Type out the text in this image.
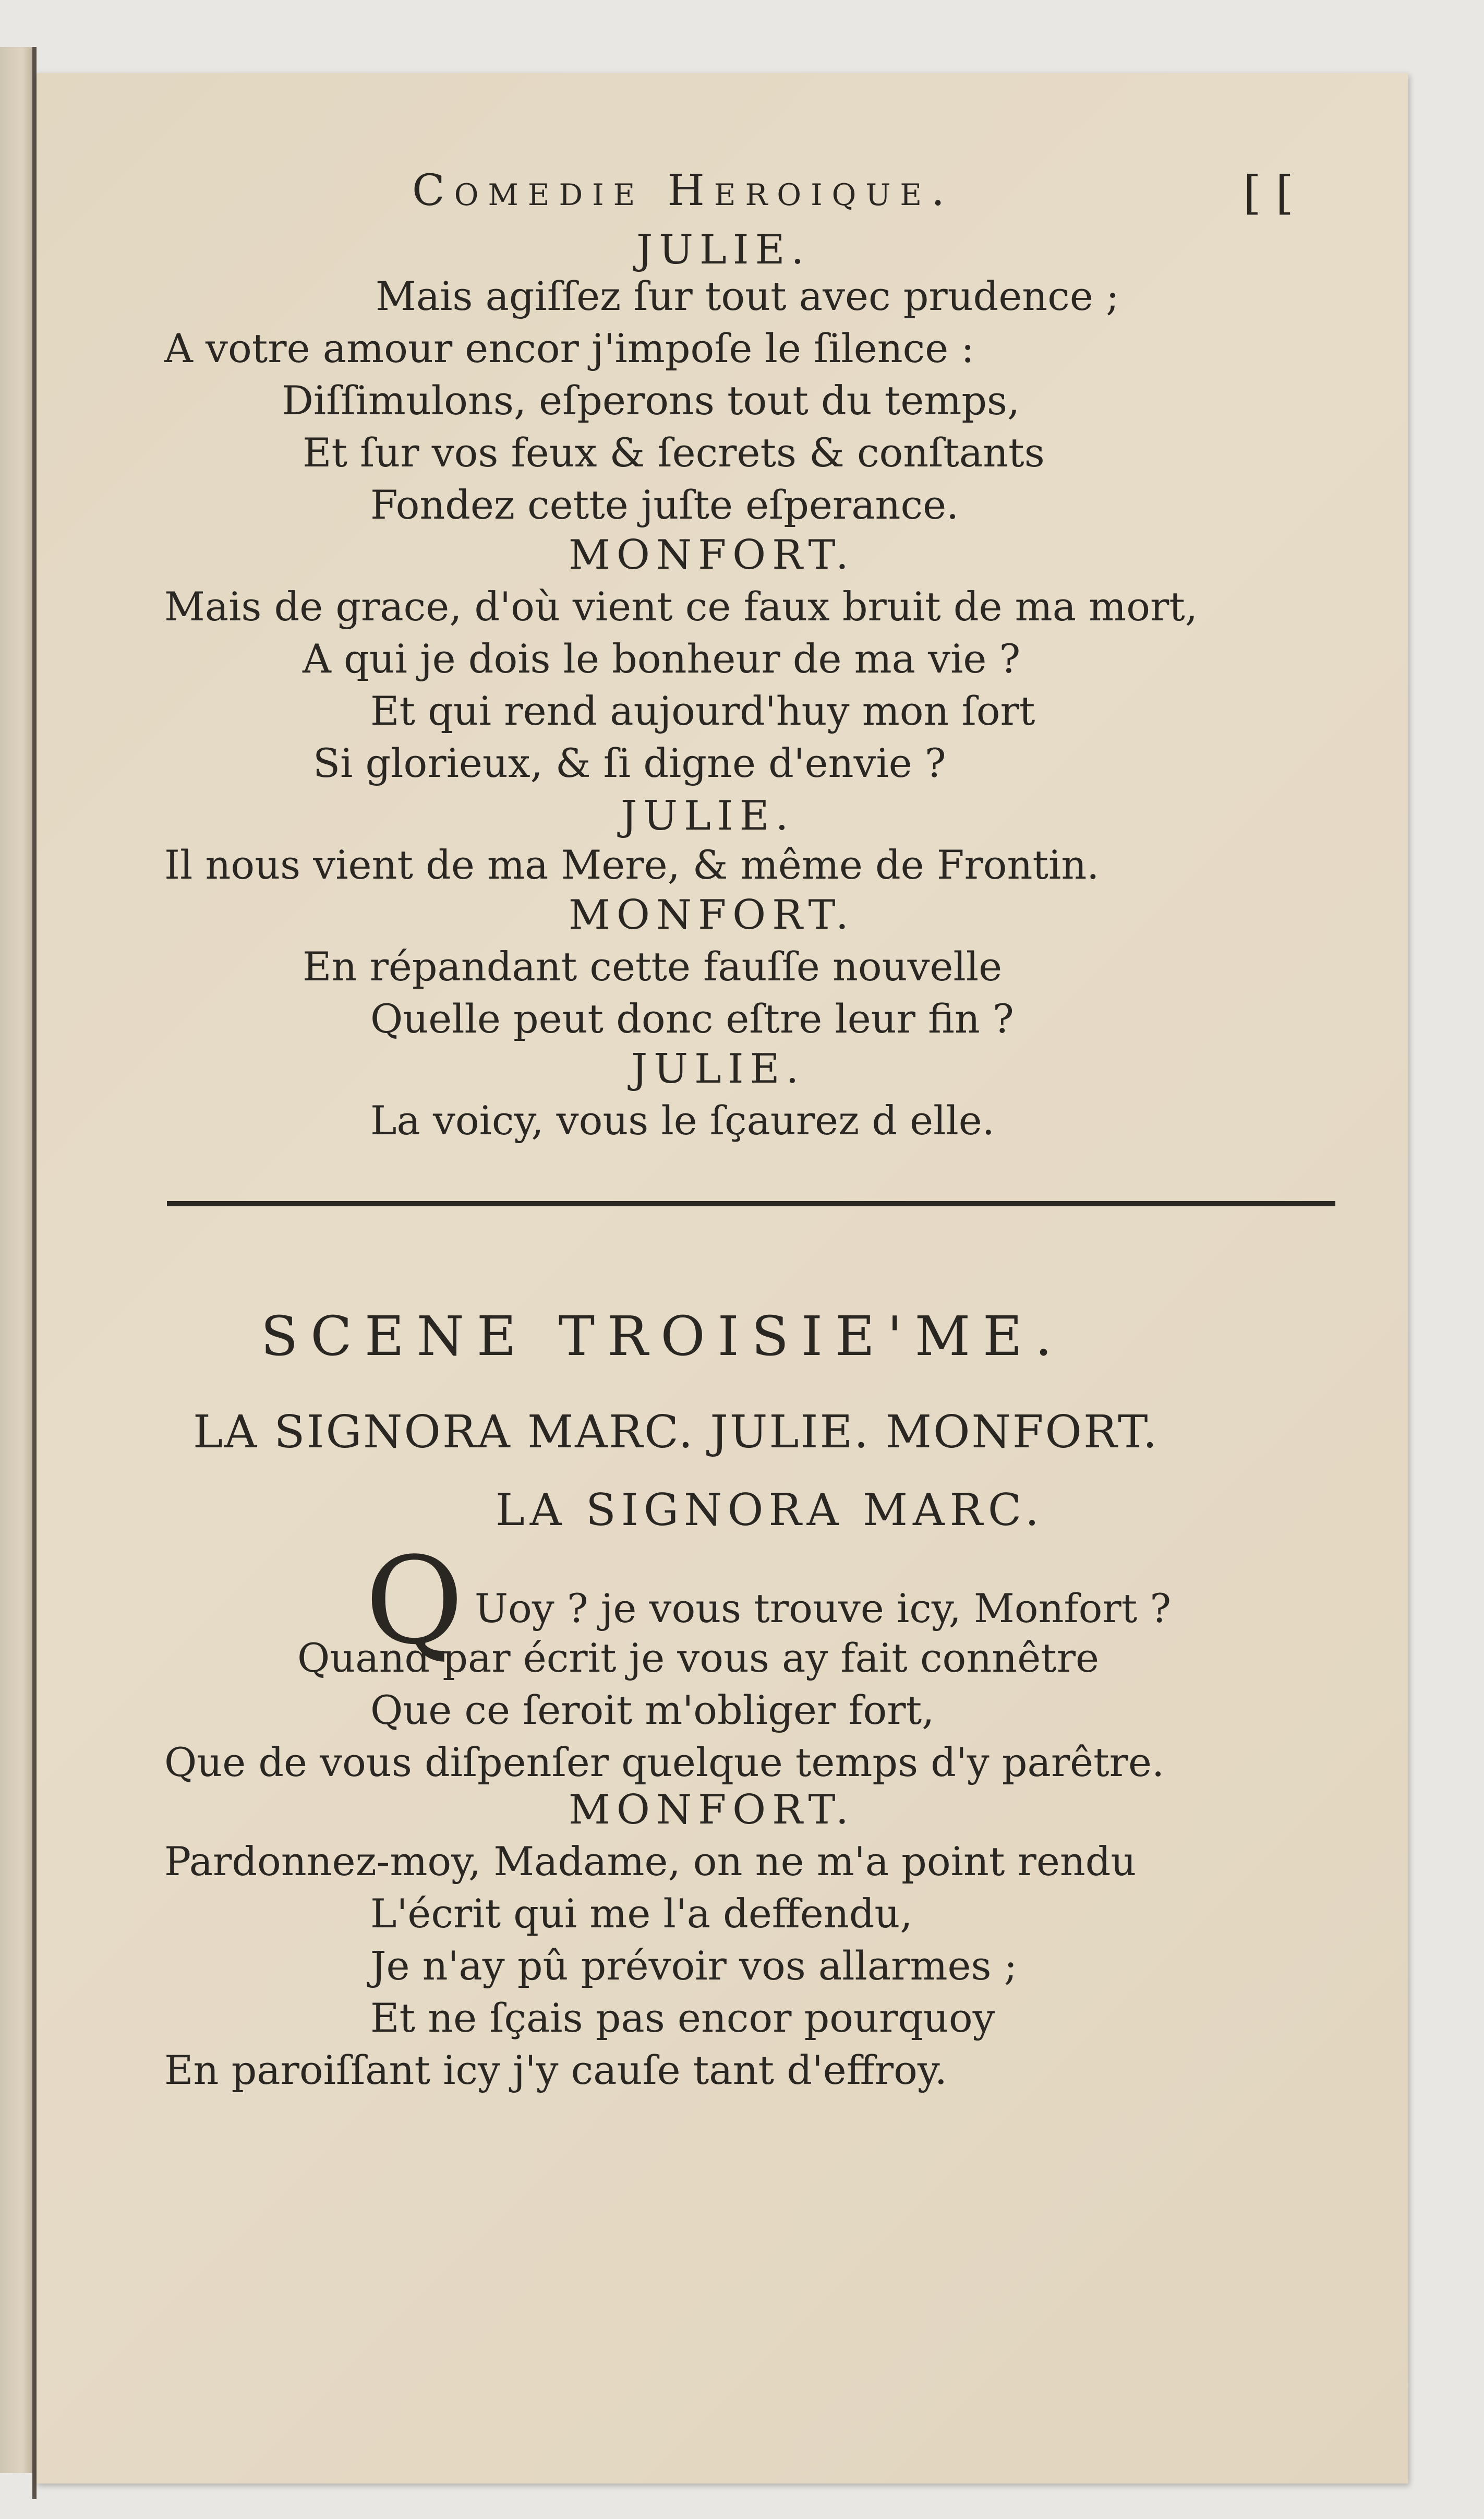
Comedie Heroique.	[ [
JULIE.
Mais agiſſez ſur tout avec prudence ;
A votre amour encor j'impoſe le ſilence :
Diſſimulons, eſperons tout du temps,
Et ſur vos feux & ſecrets & conſtants
Fondez cette juſte eſperance.
MONFORT.
Mais de grace, d'où vient ce faux bruit de ma mort,
A qui je dois le bonheur de ma vie ?
Et qui rend aujourd'huy mon ſort
Si glorieux, & ſi digne d'envie ?
JULIE.
Il nous vient de ma Mere, & même de Frontin.
MONFORT.
En répandant cette fauſſe nouvelle
Quelle peut donc eſtre leur fin ?
JULIE.
La voicy, vous le ſçaurez d elle.
SCENE TROISIE'ME.
LA SIGNORA MARC. JULIE. MONFORT.
LA SIGNORA MARC.
Q Uoy ? je vous trouve icy, Monfort ?
Quand par écrit je vous ay fait connêtre
Que ce ſeroit m'obliger fort,
Que de vous diſpenſer quelque temps d'y parêtre.
MONFORT.
Pardonnez-moy, Madame, on ne m'a point rendu
L'écrit qui me l'a deffendu,
Je n'ay pû prévoir vos allarmes ;
Et ne ſçais pas encor pourquoy
En paroiſſant icy j'y cauſe tant d'effroy.
